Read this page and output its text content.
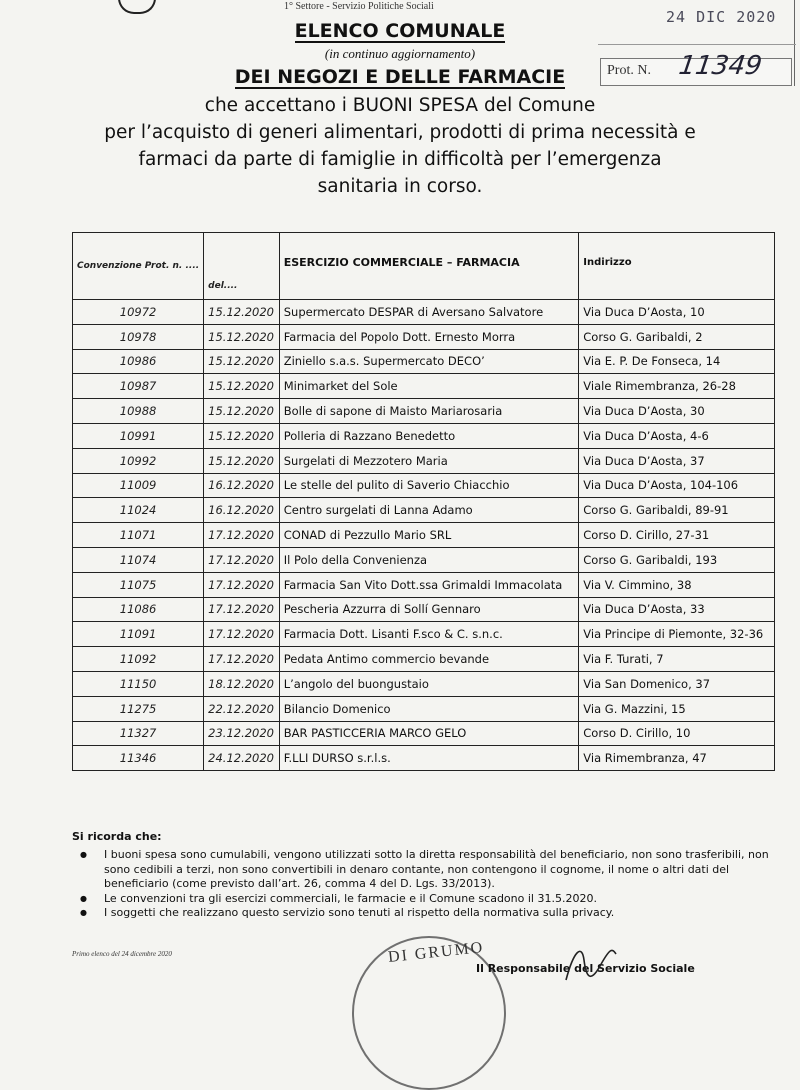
1° Settore - Servizio Politiche Sociali
24 DIC 2020
Prot. N. 11349
ELENCO COMUNALE
(in continuo aggiornamento)
DEI NEGOZI E DELLE FARMACIE
che accettano i BUONI SPESA del Comune
per l’acquisto di generi alimentari, prodotti di prima necessità e
farmaci da parte di famiglie in difficoltà per l’emergenza
sanitaria in corso.
Convenzione Prot. n. ....	$_{del....}$	ESERCIZIO COMMERCIALE – FARMACIA	Indirizzo
10972	15.12.2020	Supermercato DESPAR di Aversano Salvatore	Via Duca D’Aosta, 10
10978	15.12.2020	Farmacia del Popolo Dott. Ernesto Morra	Corso G. Garibaldi, 2
10986	15.12.2020	Ziniello s.a.s. Supermercato DECO’	Via E. P. De Fonseca, 14
10987	15.12.2020	Minimarket del Sole	Viale Rimembranza, 26-28
10988	15.12.2020	Bolle di sapone di Maisto Mariarosaria	Via Duca D’Aosta, 30
10991	15.12.2020	Polleria di Razzano Benedetto	Via Duca D’Aosta, 4-6
10992	15.12.2020	Surgelati di Mezzotero Maria	Via Duca D’Aosta, 37
11009	16.12.2020	Le stelle del pulito di Saverio Chiacchio	Via Duca D’Aosta, 104-106
11024	16.12.2020	Centro surgelati di Lanna Adamo	Corso G. Garibaldi, 89-91
11071	17.12.2020	CONAD di Pezzullo Mario SRL	Corso D. Cirillo, 27-31
11074	17.12.2020	Il Polo della Convenienza	Corso G. Garibaldi, 193
11075	17.12.2020	Farmacia San Vito Dott.ssa Grimaldi Immacolata	Via V. Cimmino, 38
11086	17.12.2020	Pescheria Azzurra di Sollí Gennaro	Via Duca D’Aosta, 33
11091	17.12.2020	Farmacia Dott. Lisanti F.sco & C. s.n.c.	Via Principe di Piemonte, 32-36
11092	17.12.2020	Pedata Antimo commercio bevande	Via F. Turati, 7
11150	18.12.2020	L’angolo del buongustaio	Via San Domenico, 37
11275	22.12.2020	Bilancio Domenico	Via G. Mazzini, 15
11327	23.12.2020	BAR PASTICCERIA MARCO GELO	Corso D. Cirillo, 10
11346	24.12.2020	F.LLI DURSO s.r.l.s.	Via Rimembranza, 47
Si ricorda che:
● I buoni spesa sono cumulabili, vengono utilizzati sotto la diretta responsabilità del beneficiario, non sono trasferibili, non sono cedibili a terzi, non sono convertibili in denaro contante, non contengono il cognome, il nome o altri dati del beneficiario (come previsto dall’art. 26, comma 4 del D. Lgs. 33/2013).
● Le convenzioni tra gli esercizi commerciali, le farmacie e il Comune scadono il 31.5.2020.
● I soggetti che realizzano questo servizio sono tenuti al rispetto della normativa sulla privacy.
Primo elenco del 24 dicembre 2020	DI GRUMO
Il Responsabile del Servizio Sociale
